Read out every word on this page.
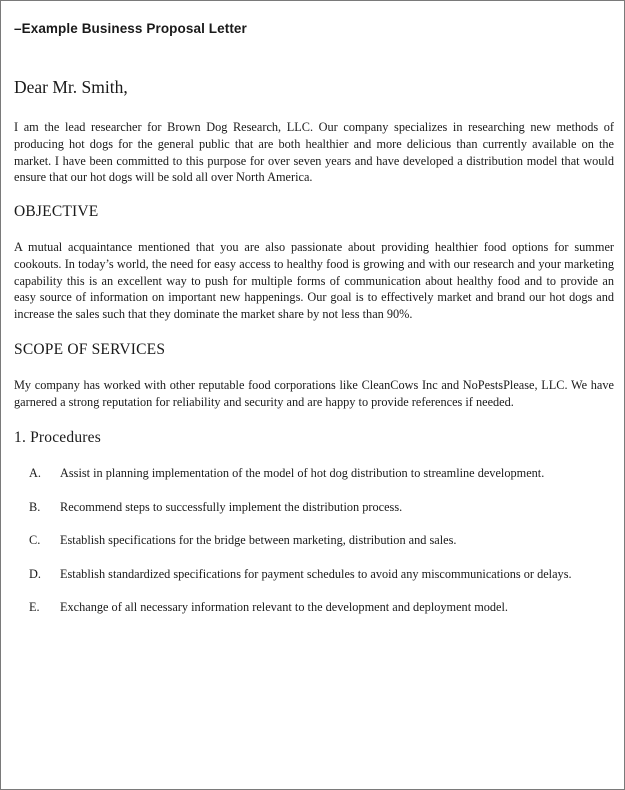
–Example Business Proposal Letter
Dear Mr. Smith,

I am the lead researcher for Brown Dog Research, LLC. Our company specializes in researching new methods of producing hot dogs for the general public that are both healthier and more delicious than currently available on the market. I have been committed to this purpose for over seven years and have developed a distribution model that would ensure that our hot dogs will be sold all over North America.

OBJECTIVE

A mutual acquaintance mentioned that you are also passionate about providing healthier food options for summer cookouts. In today’s world, the need for easy access to healthy food is growing and with our research and your marketing capability this is an excellent way to push for multiple forms of communication about healthy food and to provide an easy source of information on important new happenings. Our goal is to effectively market and brand our hot dogs and increase the sales such that they dominate the market share by not less than 90%.

SCOPE OF SERVICES

My company has worked with other reputable food corporations like CleanCows Inc and NoPestsPlease, LLC. We have garnered a strong reputation for reliability and security and are happy to provide references if needed.

1. Procedures
A. Assist in planning implementation of the model of hot dog distribution to streamline development.
B. Recommend steps to successfully implement the distribution process.
C. Establish specifications for the bridge between marketing, distribution and sales.
D. Establish standardized specifications for payment schedules to avoid any miscommunications or delays.
E. Exchange of all necessary information relevant to the development and deployment model.
